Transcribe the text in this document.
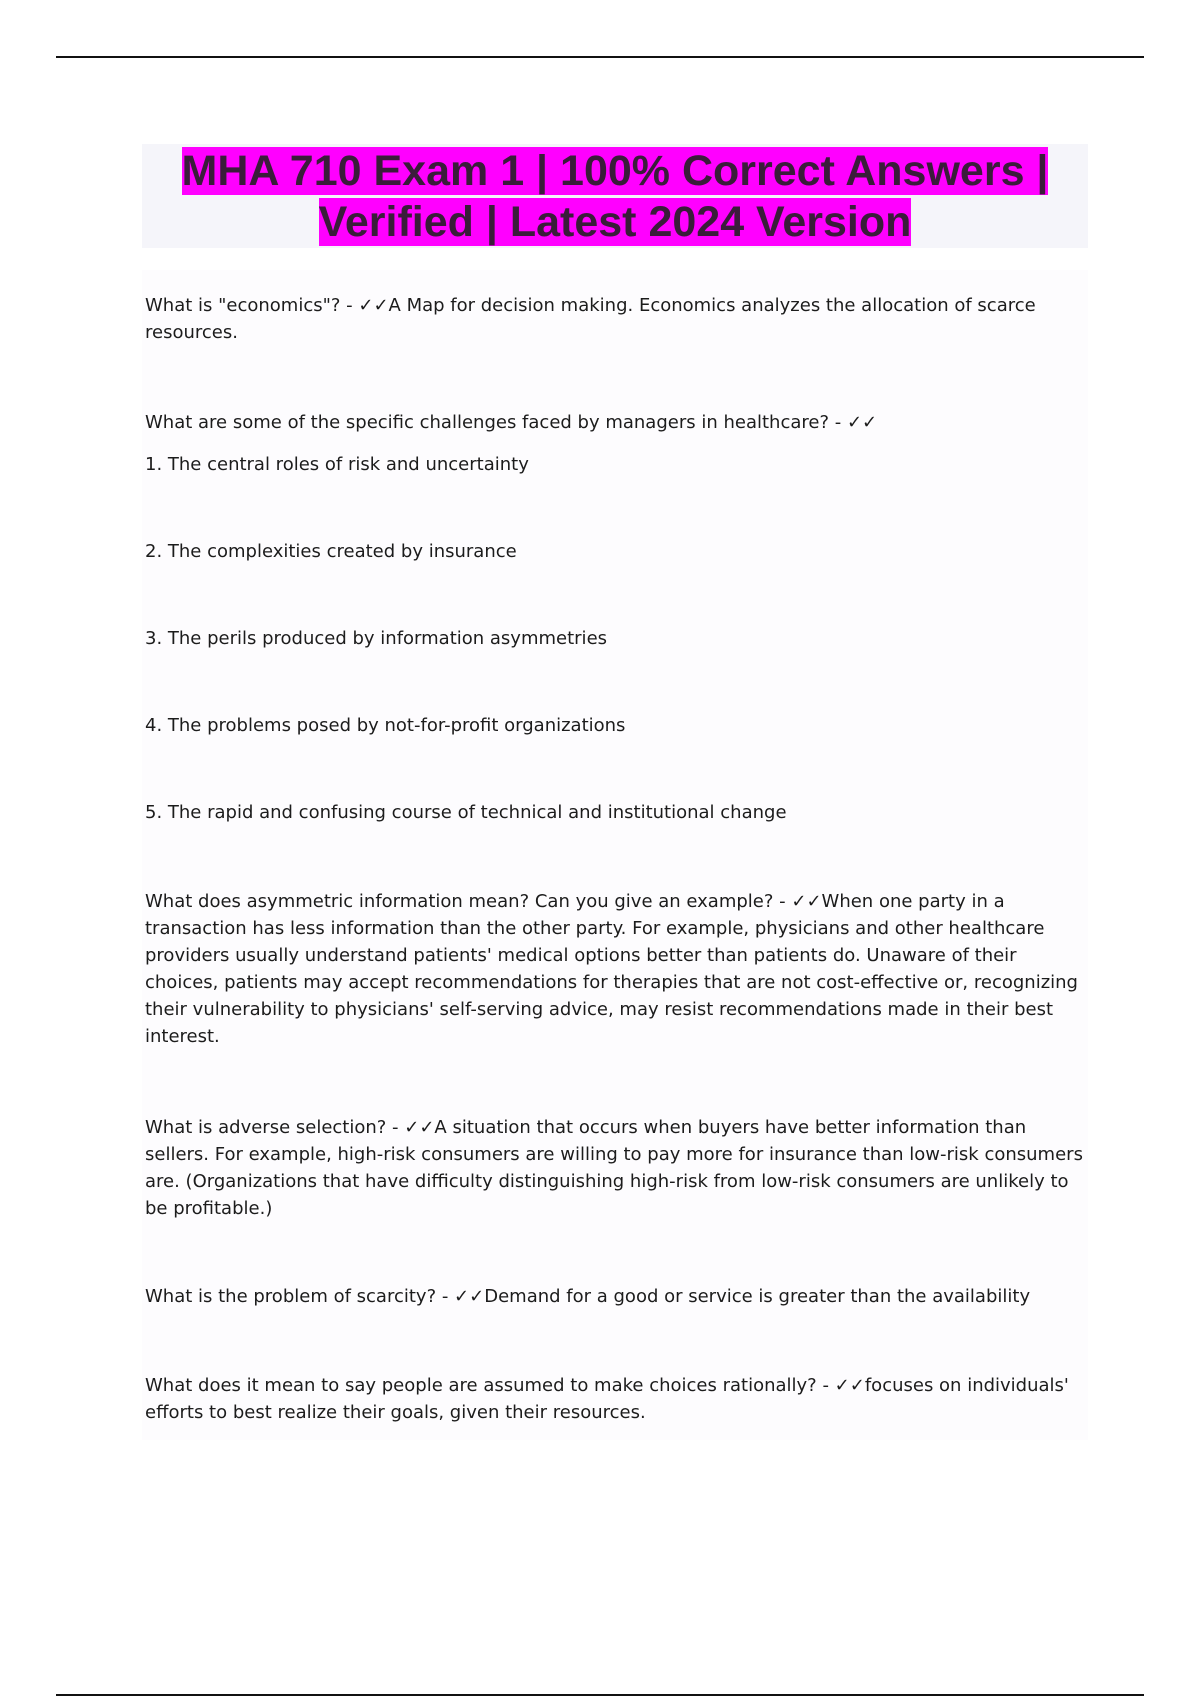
MHA 710 Exam 1 | 100% Correct Answers | Verified | Latest 2024 Version

What is "economics"? - ✓✓A Map for decision making. Economics analyzes the allocation of scarce resources.

What are some of the specific challenges faced by managers in healthcare? - ✓✓

1. The central roles of risk and uncertainty

2. The complexities created by insurance

3. The perils produced by information asymmetries

4. The problems posed by not-for-profit organizations

5. The rapid and confusing course of technical and institutional change

What does asymmetric information mean? Can you give an example? - ✓✓When one party in a transaction has less information than the other party. For example, physicians and other healthcare providers usually understand patients' medical options better than patients do. Unaware of their choices, patients may accept recommendations for therapies that are not cost-effective or, recognizing their vulnerability to physicians' self-serving advice, may resist recommendations made in their best interest.

What is adverse selection? - ✓✓A situation that occurs when buyers have better information than sellers. For example, high-risk consumers are willing to pay more for insurance than low-risk consumers are. (Organizations that have difficulty distinguishing high-risk from low-risk consumers are unlikely to be profitable.)

What is the problem of scarcity? - ✓✓Demand for a good or service is greater than the availability

What does it mean to say people are assumed to make choices rationally? - ✓✓focuses on individuals' efforts to best realize their goals, given their resources.
